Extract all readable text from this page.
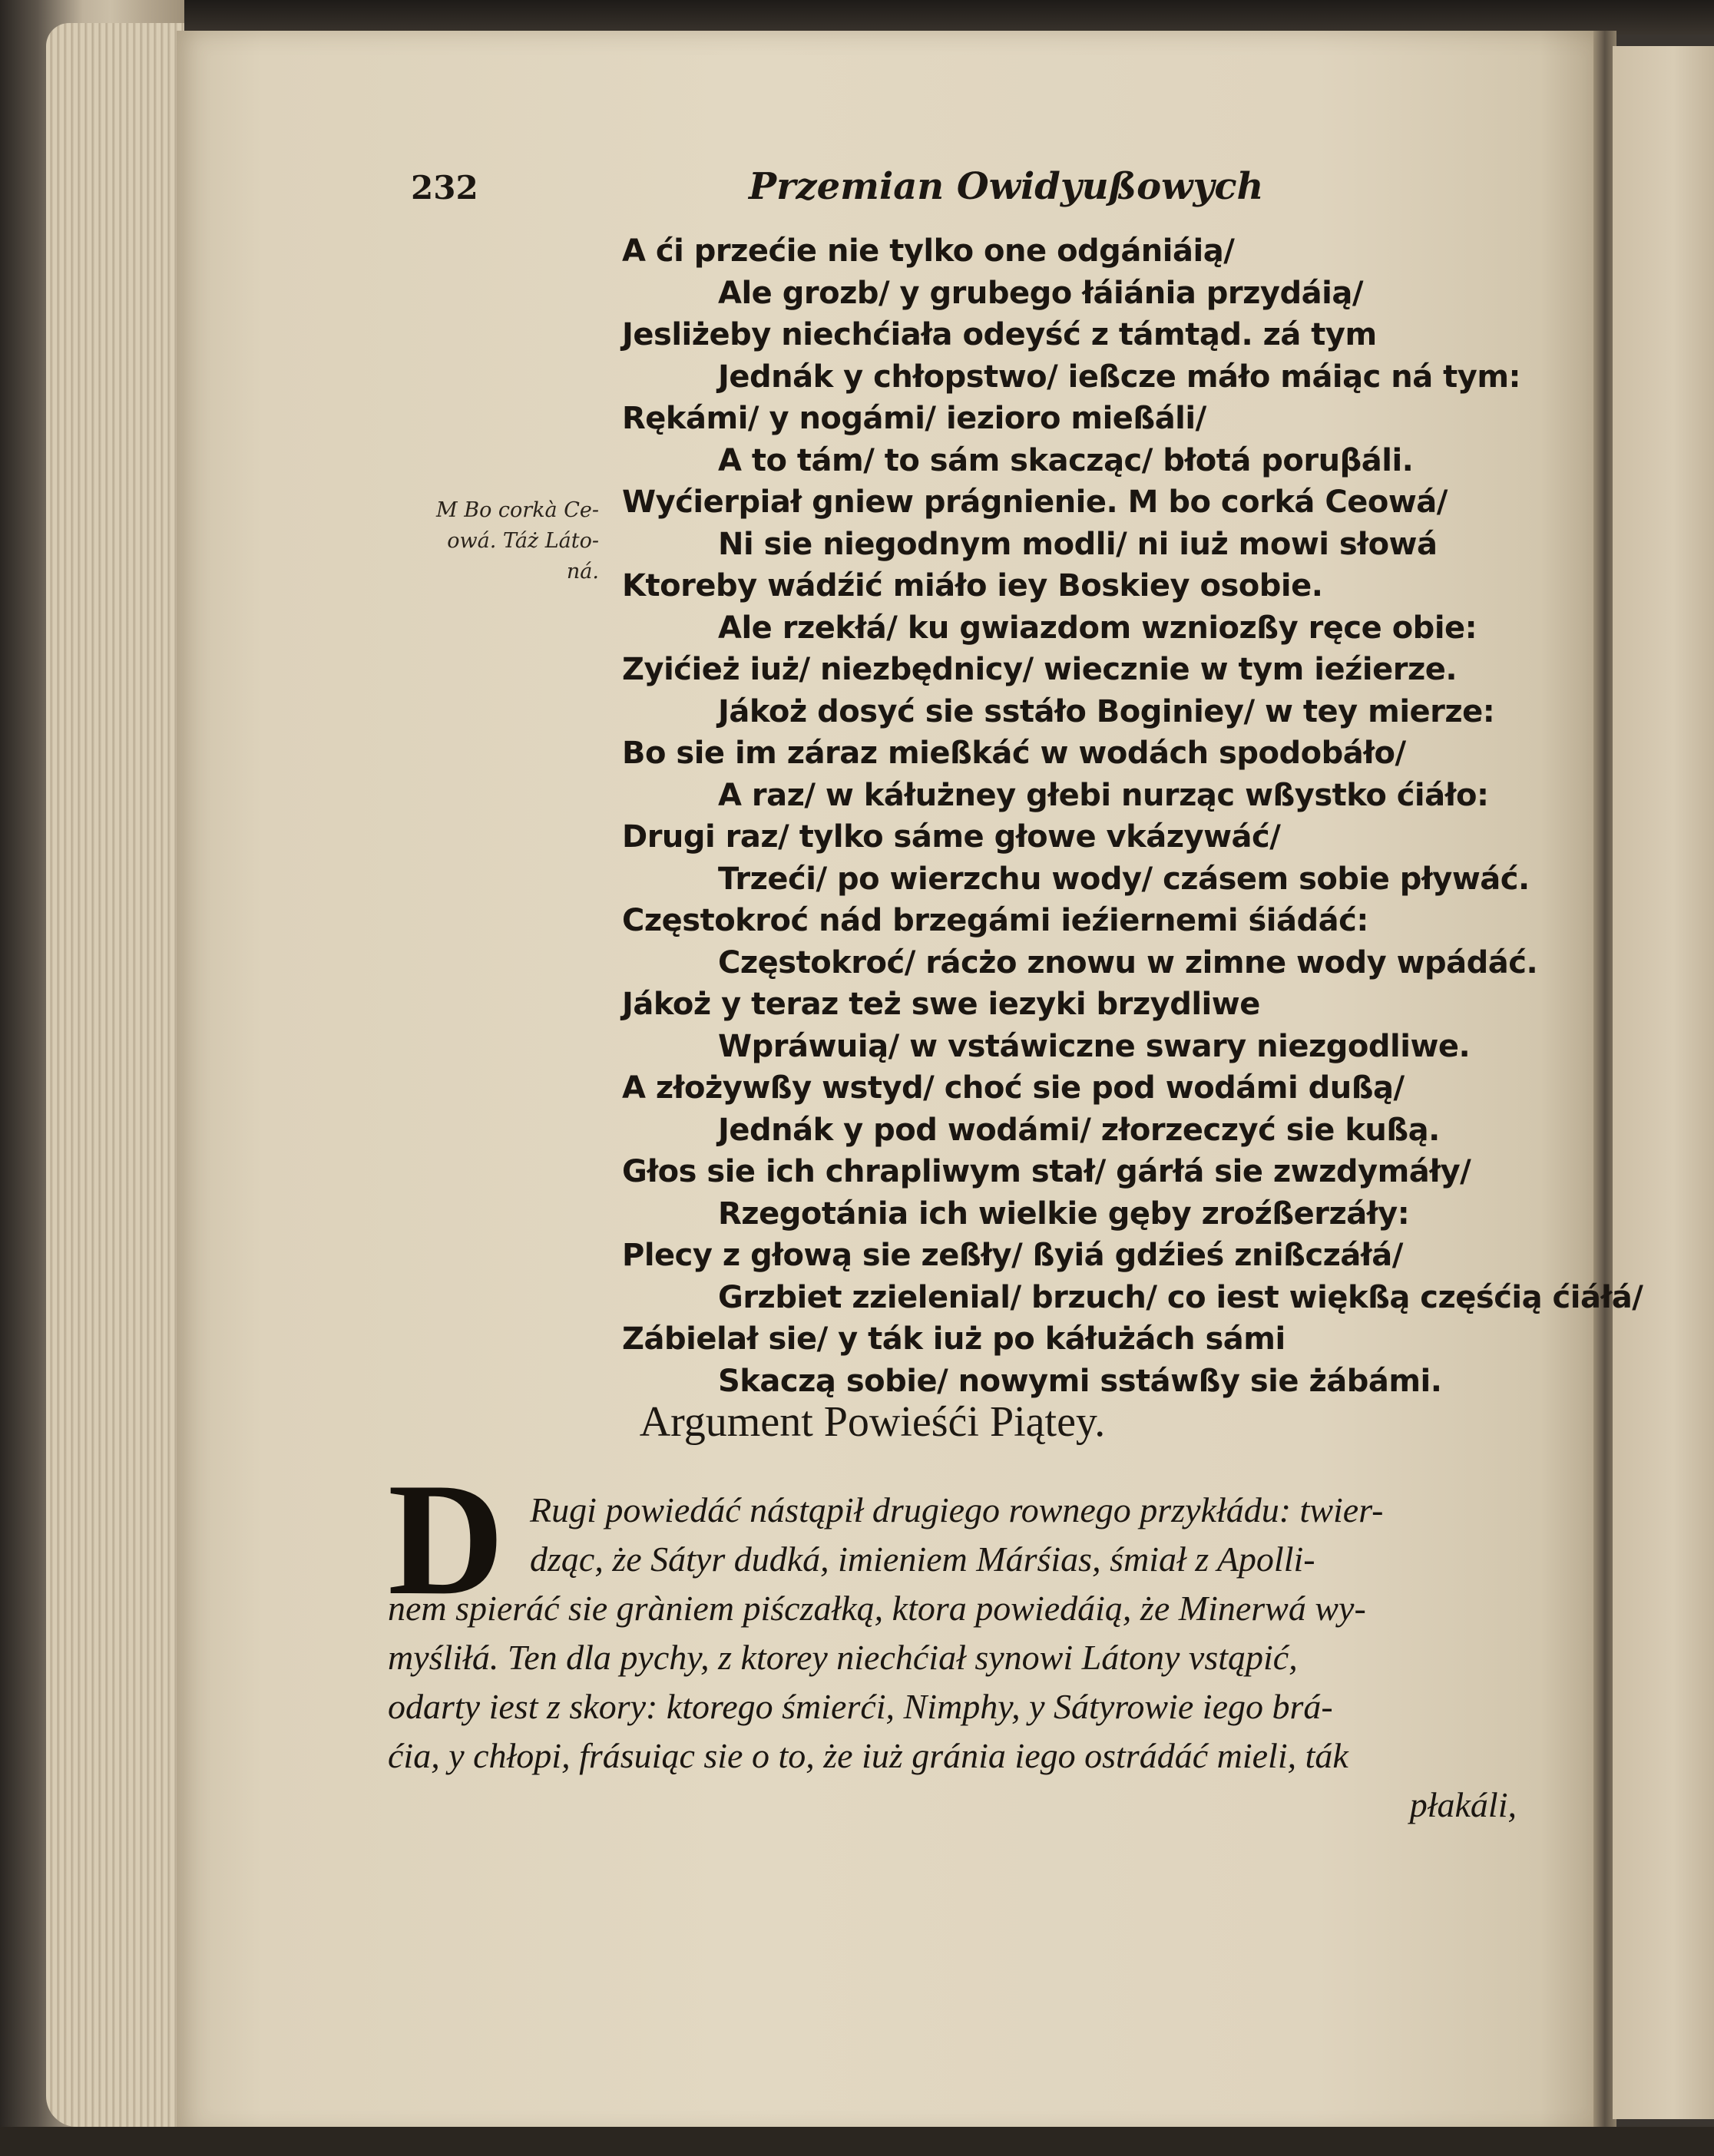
232	Przemian Owidyußowych
M Bo corkà Ce-
owá. Táż Láto-
ná.
A ći przećie nie tylko one odgániáią/
Ale grozb/ y grubego łáiánia przydáią/
Jesliżeby niechćiała odeyść z támtąd. zá tym
Jednák y chłopstwo/ ießcze máło máiąc ná tym:
Rękámi/ y nogámi/ ieziorо mießáli/
A to tám/ to sám skacząc/ błotá poruβáli.
Wyćierpiał gniew prágnienie. M bo corká Ceowá/
Ni sie niegodnym modli/ ni iuż mowi słowá
Ktoreby wádźić miáło iey Boskiey osobie.
Ale rzekłá/ ku gwiazdom wzniozßy ręce obie:
Zyićież iuż/ niezbędnicy/ wiecznie w tym ieźierze.
Jákoż dosyć sie sstáło Boginiey/ w tey mierze:
Bo sie im záraz mießkáć w wodách spodobáło/
A raz/ w káłużney głebi nurząc wßystko ćiáło:
Drugi raz/ tylko sáme głowe vkázywáć/
Trzeći/ po wierzchu wody/ czásem sobie pływáć.
Częstokroć nád brzegámi ieźiernemi śiádáć:
Częstokroć/ rácżo znowu w zimne wody wpádáć.
Jákoż y teraz też swe iezyki brzydliwe
Wpráwuią/ w vstáwiczne swary niezgodliwe.
A złożywßy wstyd/ choć sie pod wodámi dußą/
Jednák y pod wodámi/ złorzeczyć sie kußą.
Głos sie ich chrapliwym stał/ gárłá sie zwzdymáły/
Rzegotánia ich wielkie gęby zroźßerzáły:
Plecy z głową sie zeßły/ ßyiá gdźieś znißczáłá/
Grzbiet zzielenial/ brzuch/ co iest więkßą częśćią ćiáłá/
Zábielał sie/ y ták iuż po káłużách sámi
Skaczą sobie/ nowymi sstáwßy sie żábámi.
Argument Powieśći Piątey.
D Rugi powiedáć nástąpił drugiego rownego przykłádu: twier-
dząc, że Sátyr dudká, imieniem Márśias, śmiał z Apolli-
nem spieráć sie gràniem piśczałką, ktora powiedáią, że Minerwá wy-
myśliłá. Ten dla pychy, z ktorey niechćiał synowi Látony vstąpić,
odarty iest z skory: ktorego śmierći, Nimphy, y Sátyrowie iego brá-
ćia, y chłopi, frásuiąc sie o to, że iuż gránia iego ostrádáć mieli, ták
płakáli,
